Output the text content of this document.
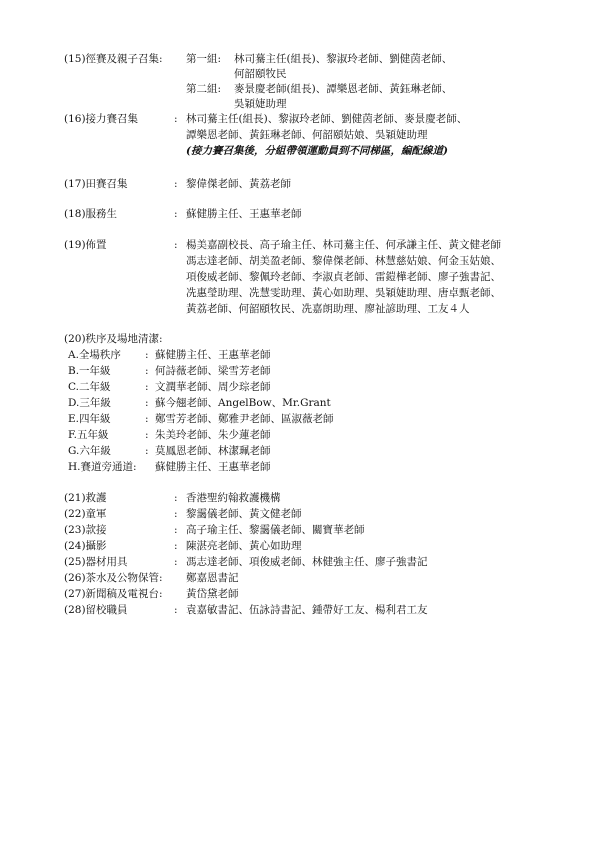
(15)徑賽及親子召集: 第一組: 林司驀主任(組長)、黎淑玲老師、劉健茵老師、
何韶頤牧民
第二組: 麥景慶老師(組長)、譚樂恩老師、黃鈺琳老師、
吳穎婕助理
(16)接力賽召集	: 林司驀主任(組長)、黎淑玲老師、劉健茵老師、麥景慶老師、
譚樂恩老師、黃鈺琳老師、何韶頤姑娘、吳穎婕助理
(接力賽召集後，分組帶領運動員到不同梯區，編配線道)
(17)田賽召集	: 黎偉傑老師、黃荔老師
(18)服務生	: 蘇健勝主任、王惠華老師
(19)佈置	: 楊美嘉副校長、高子瑜主任、林司驀主任、何承謙主任、黃文健老師
馮志達老師、胡美盈老師、黎偉傑老師、林慧慈姑娘、何金玉姑娘、
項俊威老師、黎佩玲老師、李淑貞老師、雷鎧樺老師、廖子強書記、
冼惠瑩助理、冼慧雯助理、黃心如助理、吳穎婕助理、唐卓甄老師、
黃荔老師、何韶頤牧民、冼嘉朗助理、廖祉諺助理、工友４人
(20)秩序及場地清潔:
A.全場秩序 : 蘇健勝主任、王惠華老師
B.一年級	: 何詩薇老師、梁雪芳老師
C.二年級	: 文潤華老師、周少琮老師
D.三年級	: 蘇今翹老師、AngelBow、Mr.Grant
E.四年級	: 鄭雪芳老師、鄭雅尹老師、區淑薇老師
F.五年級	: 朱美玲老師、朱少蓮老師
G.六年級	: 莫鳳恩老師、林潔珮老師
H.賽道旁通道: 蘇健勝主任、王惠華老師
(21)救護	: 香港聖約翰救護機構
(22)童軍	: 黎靄儀老師、黃文健老師
(23)款接	: 高子瑜主任、黎靄儀老師、關寶華老師
(24)攝影	: 陳湛亮老師、黃心如助理
(25)器材用具	: 馮志達老師、項俊威老師、林健強主任、廖子強書記
(26)茶水及公物保管: 鄭嘉恩書記
(27)新聞稿及電視台: 黃岱黛老師
(28)留校職員	: 袁嘉敏書記、伍詠詩書記、鍾帶好工友、楊利君工友
